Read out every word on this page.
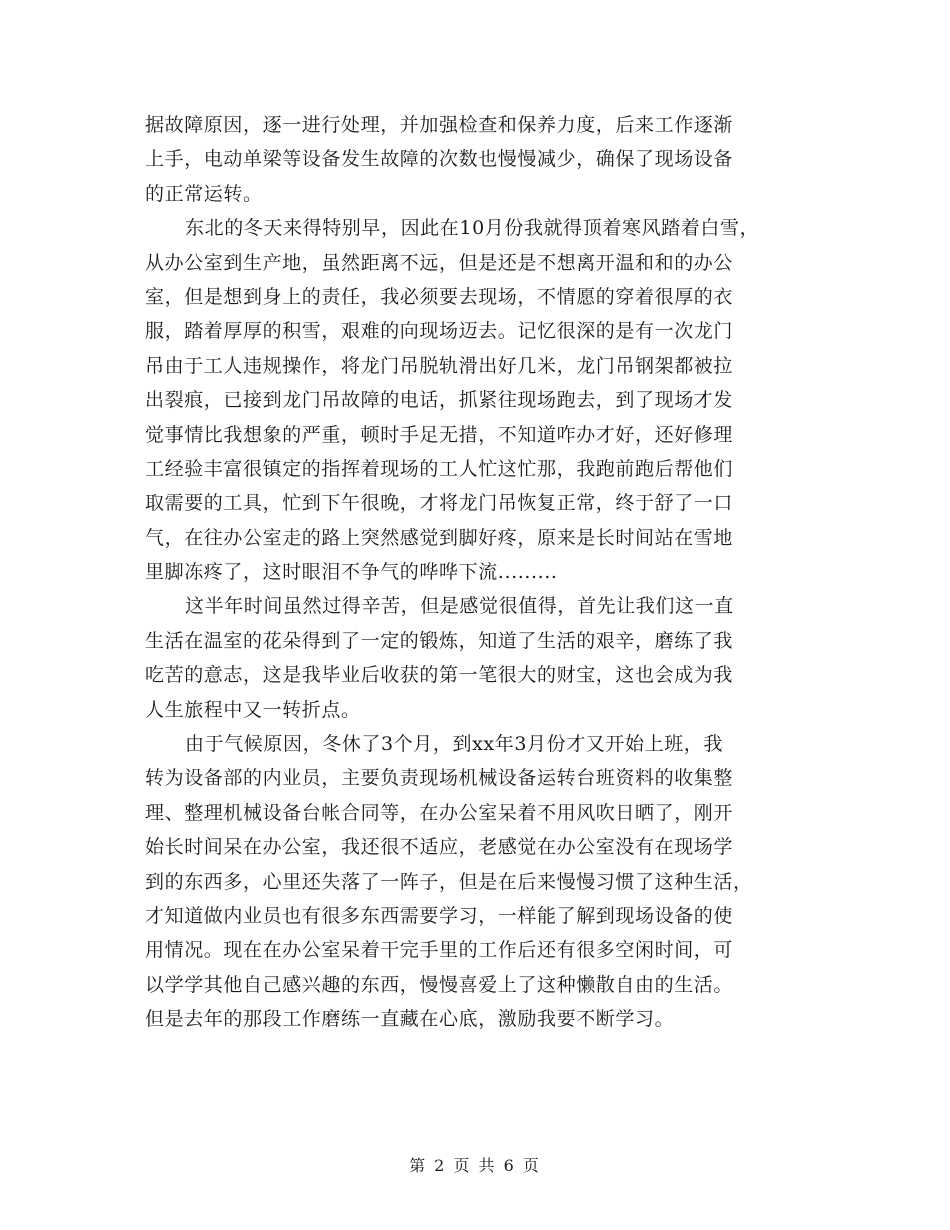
据故障原因，逐一进行处理，并加强检查和保养力度，后来工作逐渐
上手，电动单梁等设备发生故障的次数也慢慢减少，确保了现场设备
的正常运转。
东北的冬天来得特别早，因此在10月份我就得顶着寒风踏着白雪，
从办公室到生产地，虽然距离不远，但是还是不想离开温和和的办公
室，但是想到身上的责任，我必须要去现场，不情愿的穿着很厚的衣
服，踏着厚厚的积雪，艰难的向现场迈去。记忆很深的是有一次龙门
吊由于工人违规操作，将龙门吊脱轨滑出好几米，龙门吊钢架都被拉
出裂痕，已接到龙门吊故障的电话，抓紧往现场跑去，到了现场才发
觉事情比我想象的严重，顿时手足无措，不知道咋办才好，还好修理
工经验丰富很镇定的指挥着现场的工人忙这忙那，我跑前跑后帮他们
取需要的工具，忙到下午很晚，才将龙门吊恢复正常，终于舒了一口
气，在往办公室走的路上突然感觉到脚好疼，原来是长时间站在雪地
里脚冻疼了，这时眼泪不争气的哗哗下流.........
这半年时间虽然过得辛苦，但是感觉很值得，首先让我们这一直
生活在温室的花朵得到了一定的锻炼，知道了生活的艰辛，磨练了我
吃苦的意志，这是我毕业后收获的第一笔很大的财宝，这也会成为我
人生旅程中又一转折点。
由于气候原因，冬休了3个月，到xx年3月份才又开始上班，我
转为设备部的内业员，主要负责现场机械设备运转台班资料的收集整
理、整理机械设备台帐合同等，在办公室呆着不用风吹日晒了，刚开
始长时间呆在办公室，我还很不适应，老感觉在办公室没有在现场学
到的东西多，心里还失落了一阵子，但是在后来慢慢习惯了这种生活，
才知道做内业员也有很多东西需要学习，一样能了解到现场设备的使
用情况。现在在办公室呆着干完手里的工作后还有很多空闲时间，可
以学学其他自己感兴趣的东西，慢慢喜爱上了这种懒散自由的生活。
但是去年的那段工作磨练一直藏在心底，激励我要不断学习。
第 2 页 共 6 页
